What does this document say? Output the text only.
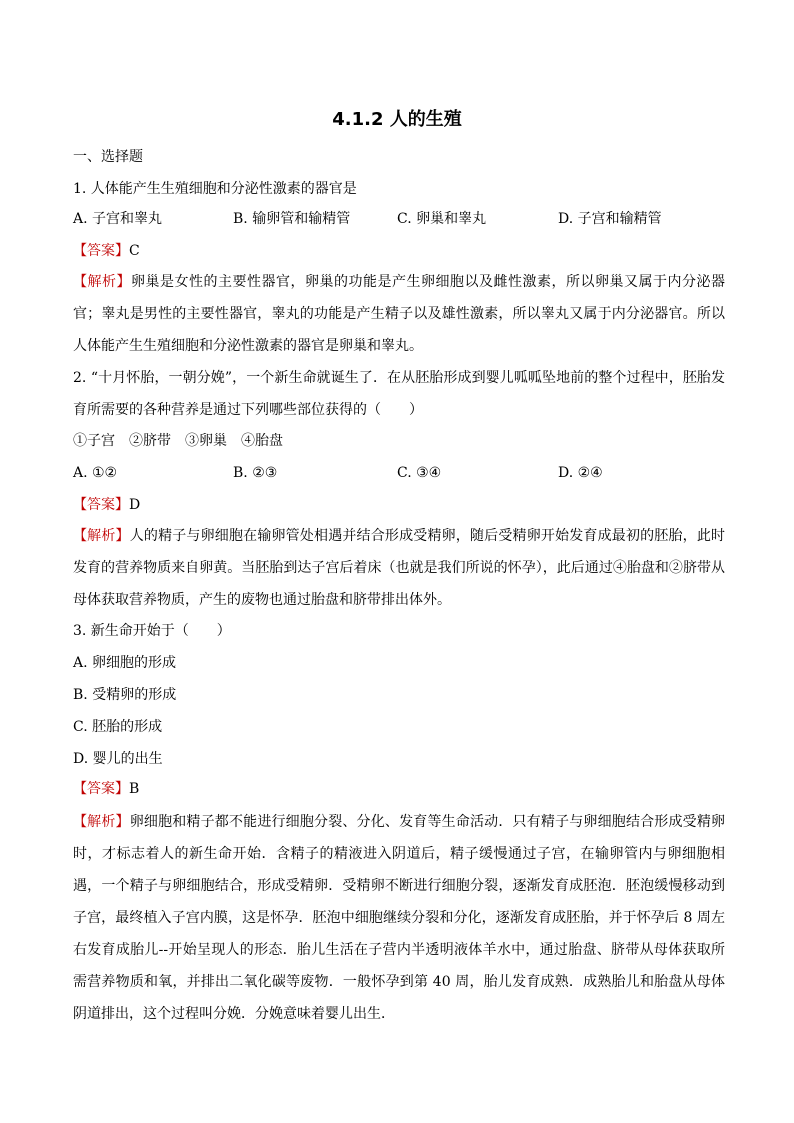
4.1.2 人的生殖
一、选择题
1. 人体能产生生殖细胞和分泌性激素的器官是
A. 子宫和睾丸	B. 输卵管和输精管	C. 卵巢和睾丸	D. 子宫和输精管
【答案】C
【解析】卵巢是女性的主要性器官，卵巢的功能是产生卵细胞以及雌性激素，所以卵巢又属于内分泌器官；睾丸是男性的主要性器官，睾丸的功能是产生精子以及雄性激素，所以睾丸又属于内分泌器官。所以人体能产生生殖细胞和分泌性激素的器官是卵巢和睾丸。
2. “十月怀胎，一朝分娩”，一个新生命就诞生了．在从胚胎形成到婴儿呱呱坠地前的整个过程中，胚胎发育所需要的各种营养是通过下列哪些部位获得的（　　）
①子宫　②脐带　③卵巢　④胎盘
A. ①②	B. ②③	C. ③④	D. ②④
【答案】D
【解析】人的精子与卵细胞在输卵管处相遇并结合形成受精卵，随后受精卵开始发育成最初的胚胎，此时发育的营养物质来自卵黄。当胚胎到达子宫后着床（也就是我们所说的怀孕），此后通过④胎盘和②脐带从母体获取营养物质，产生的废物也通过胎盘和脐带排出体外。
3. 新生命开始于（　　）
A. 卵细胞的形成
B. 受精卵的形成
C. 胚胎的形成
D. 婴儿的出生
【答案】B
【解析】卵细胞和精子都不能进行细胞分裂、分化、发育等生命活动．只有精子与卵细胞结合形成受精卵时，才标志着人的新生命开始．含精子的精液进入阴道后，精子缓慢通过子宫，在输卵管内与卵细胞相遇，一个精子与卵细胞结合，形成受精卵．受精卵不断进行细胞分裂，逐渐发育成胚泡．胚泡缓慢移动到子宫，最终植入子宫内膜，这是怀孕．胚泡中细胞继续分裂和分化，逐渐发育成胚胎，并于怀孕后 8 周左右发育成胎儿--开始呈现人的形态．胎儿生活在子营内半透明液体羊水中，通过胎盘、脐带从母体获取所需营养物质和氧，并排出二氧化碳等废物．一般怀孕到第 40 周，胎儿发育成熟．成熟胎儿和胎盘从母体阴道排出，这个过程叫分娩．分娩意味着婴儿出生．
